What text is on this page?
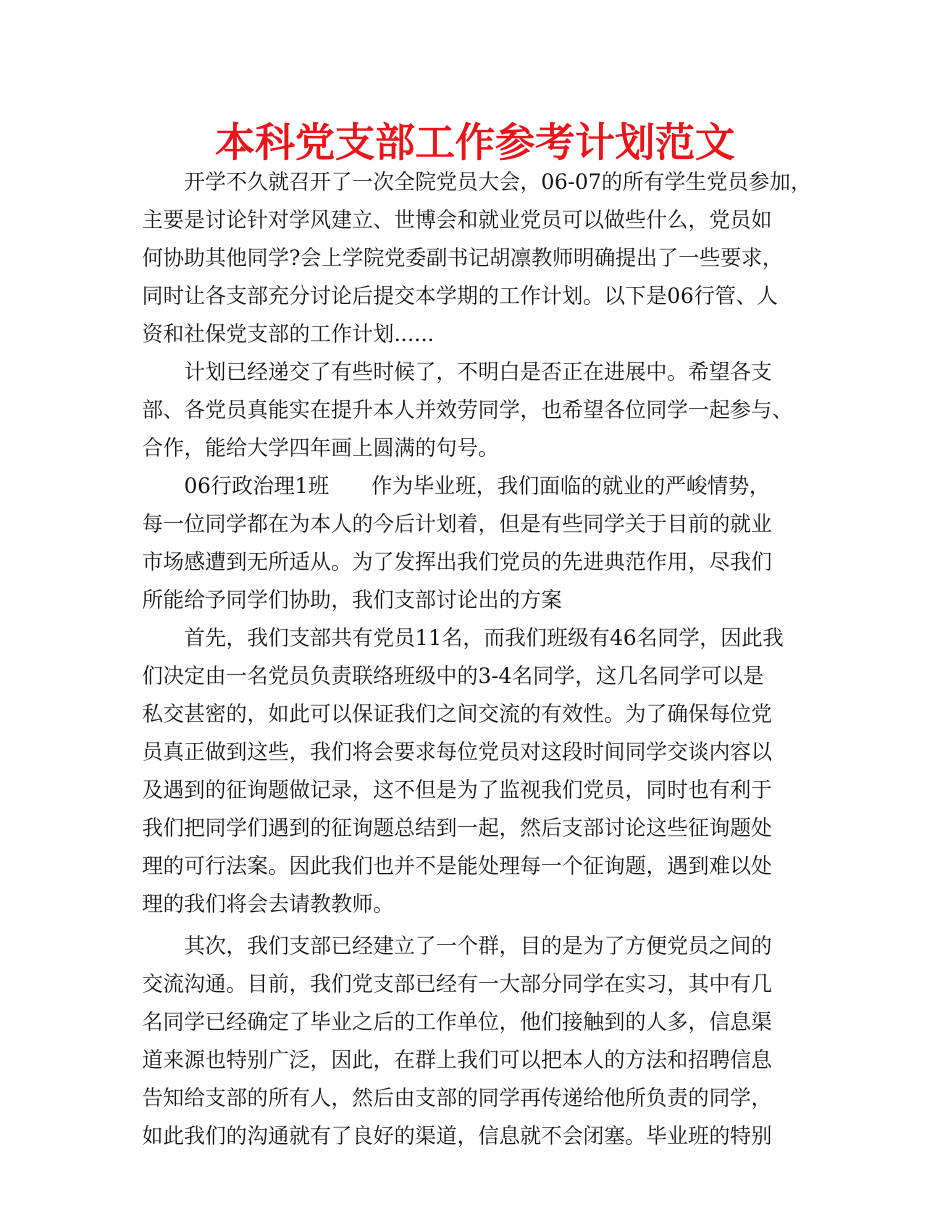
本科党支部工作参考计划范文
开学不久就召开了一次全院党员大会，06-07的所有学生党员参加，
主要是讨论针对学风建立、世博会和就业党员可以做些什么，党员如
何协助其他同学?会上学院党委副书记胡凛教师明确提出了一些要求，
同时让各支部充分讨论后提交本学期的工作计划。以下是06行管、人
资和社保党支部的工作计划......
计划已经递交了有些时候了，不明白是否正在进展中。希望各支
部、各党员真能实在提升本人并效劳同学，也希望各位同学一起参与、
合作，能给大学四年画上圆满的句号。
06行政治理1班　　作为毕业班，我们面临的就业的严峻情势，
每一位同学都在为本人的今后计划着，但是有些同学关于目前的就业
市场感遭到无所适从。为了发挥出我们党员的先进典范作用，尽我们
所能给予同学们协助，我们支部讨论出的方案
首先，我们支部共有党员11名，而我们班级有46名同学，因此我
们决定由一名党员负责联络班级中的3-4名同学，这几名同学可以是
私交甚密的，如此可以保证我们之间交流的有效性。为了确保每位党
员真正做到这些，我们将会要求每位党员对这段时间同学交谈内容以
及遇到的征询题做记录，这不但是为了监视我们党员，同时也有利于
我们把同学们遇到的征询题总结到一起，然后支部讨论这些征询题处
理的可行法案。因此我们也并不是能处理每一个征询题，遇到难以处
理的我们将会去请教教师。
其次，我们支部已经建立了一个群，目的是为了方便党员之间的
交流沟通。目前，我们党支部已经有一大部分同学在实习，其中有几
名同学已经确定了毕业之后的工作单位，他们接触到的人多，信息渠
道来源也特别广泛，因此，在群上我们可以把本人的方法和招聘信息
告知给支部的所有人，然后由支部的同学再传递给他所负责的同学，
如此我们的沟通就有了良好的渠道，信息就不会闭塞。毕业班的特别
